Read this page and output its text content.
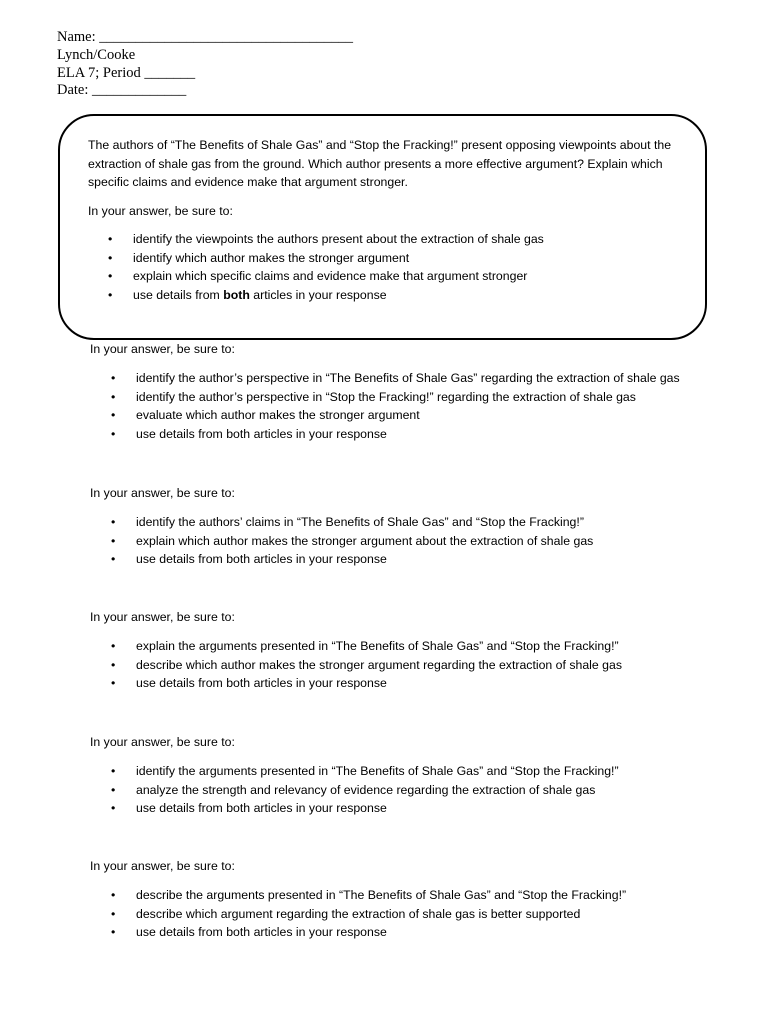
Name: ___________________________________
Lynch/Cooke
ELA 7; Period _______
Date: _____________

The authors of “The Benefits of Shale Gas” and “Stop the Fracking!” present opposing viewpoints about the extraction of shale gas from the ground. Which author presents a more effective argument? Explain which specific claims and evidence make that argument stronger.

In your answer, be sure to:

• identify the viewpoints the authors present about the extraction of shale gas
• identify which author makes the stronger argument
• explain which specific claims and evidence make that argument stronger
• use details from both articles in your response

In your answer, be sure to:

• identify the author’s perspective in “The Benefits of Shale Gas” regarding the extraction of shale gas
• identify the author’s perspective in “Stop the Fracking!” regarding the extraction of shale gas
• evaluate which author makes the stronger argument
• use details from both articles in your response

In your answer, be sure to:

• identify the authors’ claims in “The Benefits of Shale Gas” and “Stop the Fracking!”
• explain which author makes the stronger argument about the extraction of shale gas
• use details from both articles in your response

In your answer, be sure to:

• explain the arguments presented in “The Benefits of Shale Gas” and “Stop the Fracking!”
• describe which author makes the stronger argument regarding the extraction of shale gas
• use details from both articles in your response

In your answer, be sure to:

• identify the arguments presented in “The Benefits of Shale Gas” and “Stop the Fracking!”
• analyze the strength and relevancy of evidence regarding the extraction of shale gas
• use details from both articles in your response

In your answer, be sure to:

• describe the arguments presented in “The Benefits of Shale Gas” and “Stop the Fracking!”
• describe which argument regarding the extraction of shale gas is better supported
• use details from both articles in your response
